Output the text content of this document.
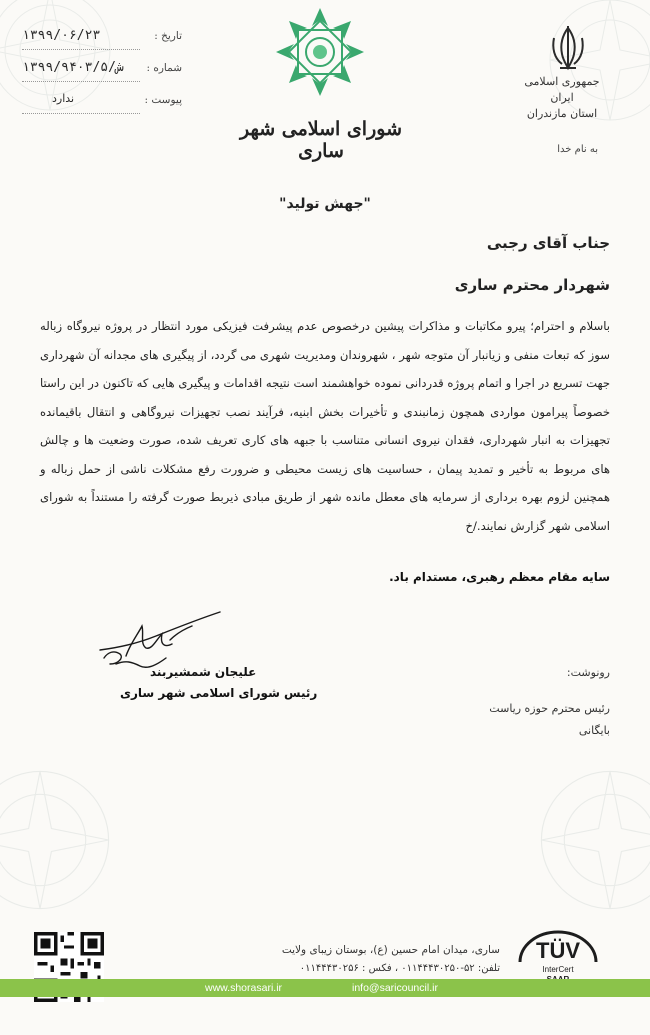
تاریخ :
۱۳۹۹/۰۶/۲۳
شماره :
۱۳۹۹/ش/۹۴۰۳/۵
پیوست :
ندارد
شورای اسلامی شهر ساری
جمهوری اسلامی ایران
استان مازندران
به نام خدا
"جهش تولید"
جناب آقای رجبی
شهردار محترم ساری
باسلام و احترام؛ پیرو مکاتبات و مذاکرات پیشین درخصوص عدم پیشرفت فیزیکی مورد انتظار در پروژه نیروگاه زباله سوز که تبعات منفی و زیانبار آن متوجه شهر ، شهروندان ومدیریت شهری می گردد، از پیگیری های مجدانه آن شهرداری جهت تسریع در اجرا و اتمام پروژه قدردانی نموده خواهشمند است نتیجه اقدامات و پیگیری هایی که تاکنون در این راستا خصوصاً پیرامون مواردی همچون زمانبندی و تأخیرات بخش ابنیه، فرآیند نصب تجهیزات نیروگاهی و انتقال باقیمانده تجهیزات به انبار شهرداری، فقدان نیروی انسانی متناسب با جبهه های کاری تعریف شده، صورت وضعیت ها و چالش های مربوط به تأخیر و تمدید پیمان ، حساسیت های زیست محیطی و ضرورت رفع مشکلات ناشی از حمل زباله و همچنین لزوم بهره برداری از سرمایه های معطل مانده شهر از طریق مبادی ذیربط صورت گرفته را مستنداً به شورای اسلامی شهر گزارش نمایند./خ
سایه مقام معظم رهبری، مستدام باد.
علیجان شمشیربند
رئیس شورای اسلامی شهر ساری
رونوشت:
رئیس محترم حوزه ریاست
بایگانی
TÜV
InterCert
ساری، میدان امام حسین (ع)، بوستان زیبای ولایت
تلفن: ۵۲-۰۱۱۴۴۴۳۰۲۵۰ ، فکس : ۰۱۱۴۴۴۳۰۲۵۶
www.shorasari.ir	info@saricouncil.ir
